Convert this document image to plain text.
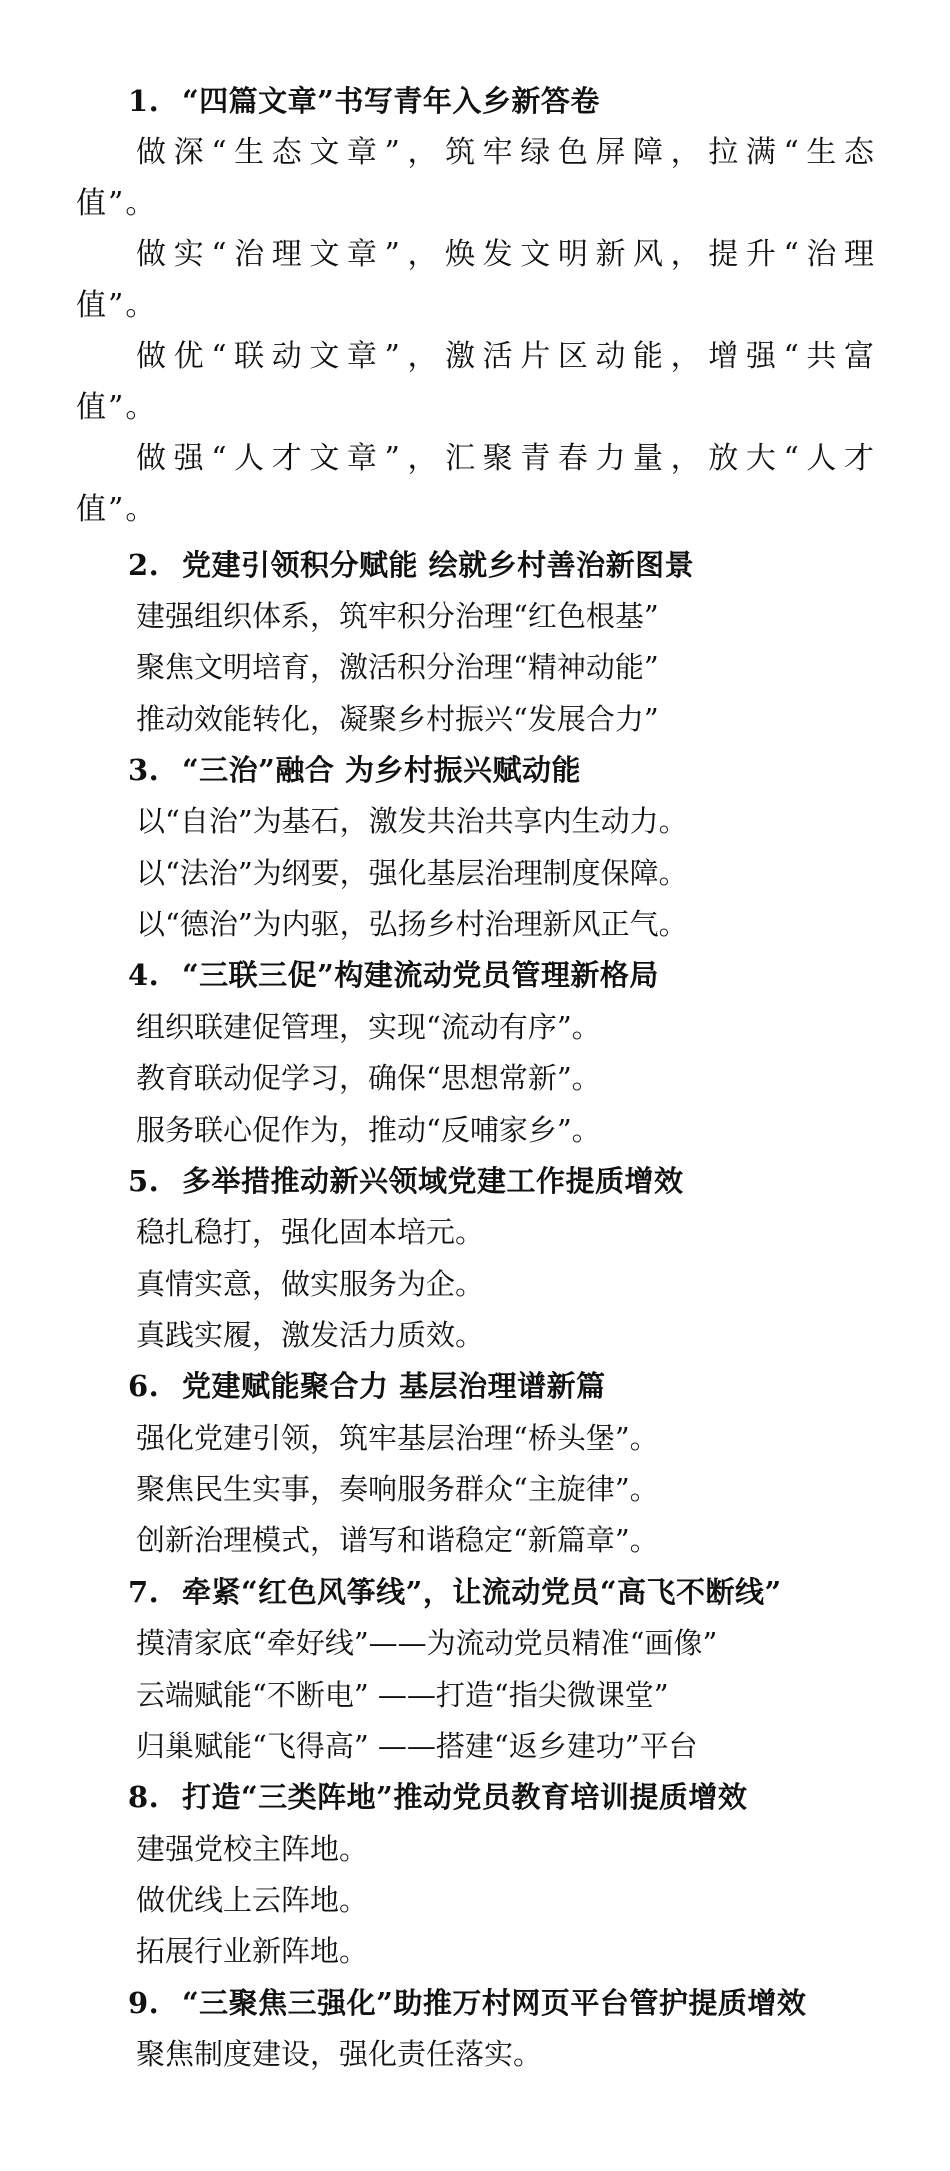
1. “四篇文章”书写青年入乡新答卷
做深“生态文章”，筑牢绿色屏障，拉满“生态
值”。
做实“治理文章”，焕发文明新风，提升“治理
值”。
做优“联动文章”，激活片区动能，增强“共富
值”。
做强“人才文章”，汇聚青春力量，放大“人才
值”。
2. 党建引领积分赋能 绘就乡村善治新图景
建强组织体系，筑牢积分治理“红色根基”
聚焦文明培育，激活积分治理“精神动能”
推动效能转化，凝聚乡村振兴“发展合力”
3. “三治”融合 为乡村振兴赋动能
以“自治”为基石，激发共治共享内生动力。
以“法治”为纲要，强化基层治理制度保障。
以“德治”为内驱，弘扬乡村治理新风正气。
4. “三联三促”构建流动党员管理新格局
组织联建促管理，实现“流动有序”。
教育联动促学习，确保“思想常新”。
服务联心促作为，推动“反哺家乡”。
5. 多举措推动新兴领域党建工作提质增效
稳扎稳打，强化固本培元。
真情实意，做实服务为企。
真践实履，激发活力质效。
6. 党建赋能聚合力 基层治理谱新篇
强化党建引领，筑牢基层治理“桥头堡”。
聚焦民生实事，奏响服务群众“主旋律”。
创新治理模式，谱写和谐稳定“新篇章”。
7. 牵紧“红色风筝线”，让流动党员“高飞不断线”
摸清家底“牵好线”——为流动党员精准“画像”
云端赋能“不断电” ——打造“指尖微课堂”
归巢赋能“飞得高” ——搭建“返乡建功”平台
8. 打造“三类阵地”推动党员教育培训提质增效
建强党校主阵地。
做优线上云阵地。
拓展行业新阵地。
9. “三聚焦三强化”助推万村网页平台管护提质增效
聚焦制度建设，强化责任落实。
